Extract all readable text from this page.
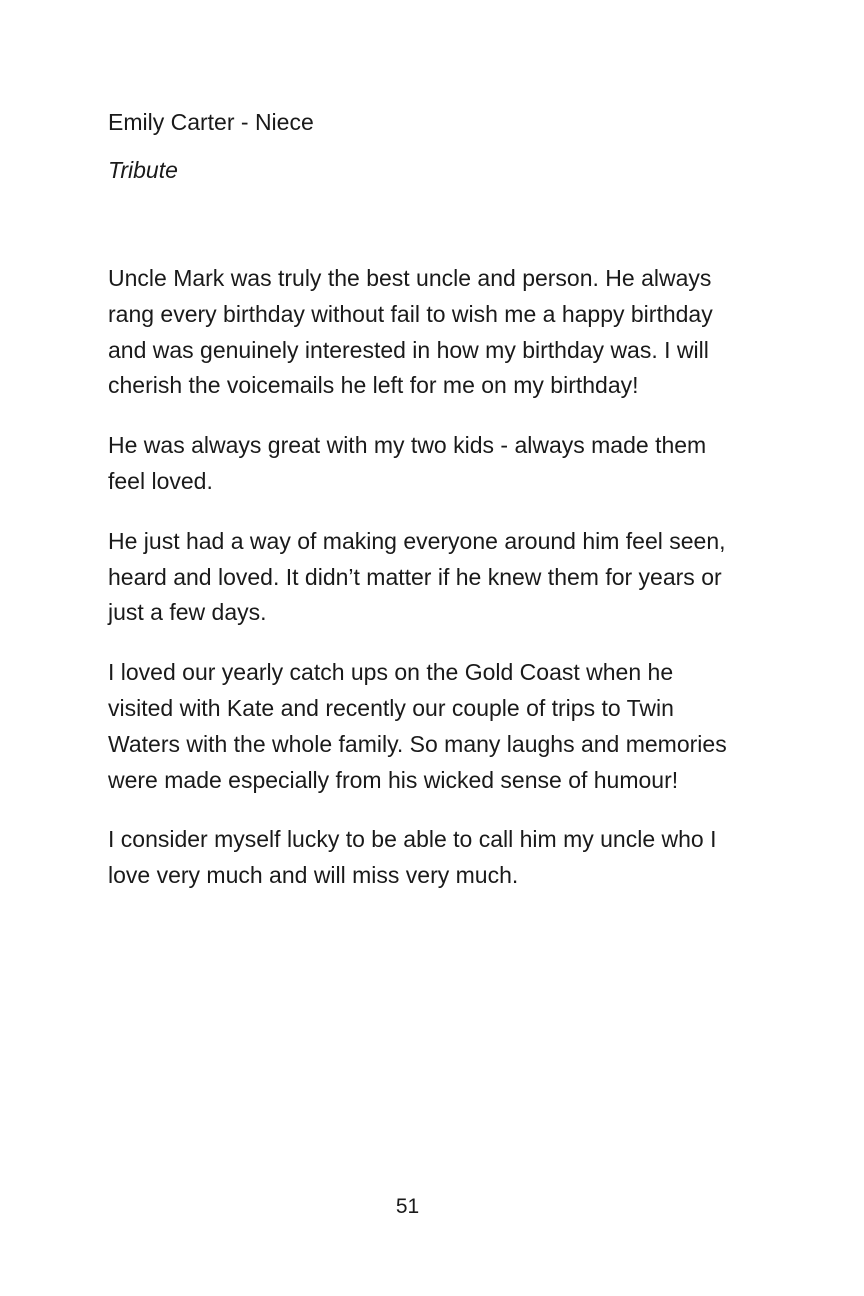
Emily Carter - Niece

Tribute

Uncle Mark was truly the best uncle and person. He always
rang every birthday without fail to wish me a happy birthday
and was genuinely interested in how my birthday was. I will
cherish the voicemails he left for me on my birthday!

He was always great with my two kids - always made them
feel loved.

He just had a way of making everyone around him feel seen,
heard and loved. It didn’t matter if he knew them for years or
just a few days.

I loved our yearly catch ups on the Gold Coast when he
visited with Kate and recently our couple of trips to Twin
Waters with the whole family. So many laughs and memories
were made especially from his wicked sense of humour!

I consider myself lucky to be able to call him my uncle who I
love very much and will miss very much.

51
